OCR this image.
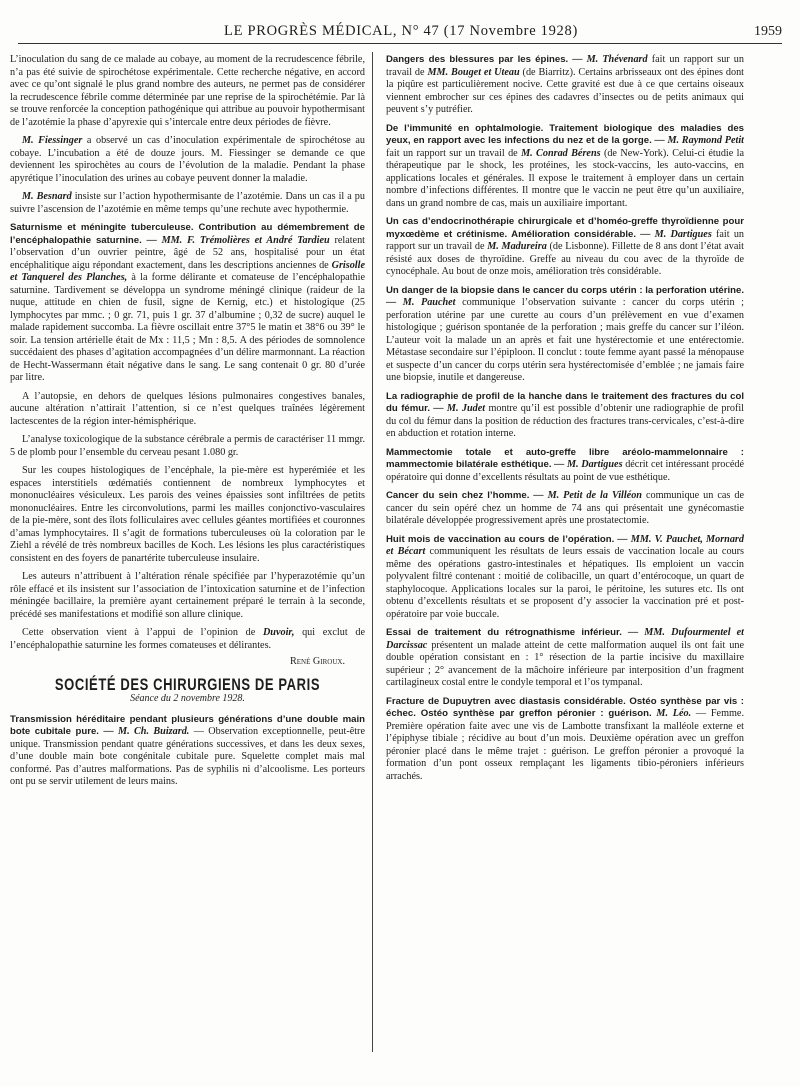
LE PROGRÈS MÉDICAL, N° 47 (17 Novembre 1928)	1959

L’inoculation du sang de ce malade au cobaye, au moment de la recrudescence fébrile, n’a pas été suivie de spirochétose expérimentale. Cette recherche négative, en accord avec ce qu’ont signalé le plus grand nombre des auteurs, ne permet pas de considérer la recrudescence fébrile comme déterminée par une reprise de la spirochétémie. Par là se trouve renforcée la conception pathogénique qui attribue au pouvoir hypothermisant de l’azotémie la phase d’apyrexie qui s’intercale entre deux périodes de fièvre.

M. Fiessinger a observé un cas d’inoculation expérimentale de spirochétose au cobaye. L’incubation a été de douze jours. M. Fiessinger se demande ce que deviennent les spirochètes au cours de l’évolution de la maladie. Pendant la phase apyrétique l’inoculation des urines au cobaye peuvent donner la maladie.

M. Besnard insiste sur l’action hypothermisante de l’azotémie. Dans un cas il a pu suivre l’ascension de l’azotémie en même temps qu’une rechute avec hypothermie.

Saturnisme et méningite tuberculeuse. Contribution au démembrement de l’encéphalopathie saturnine. — MM. F. Trémolières et André Tardieu relatent l’observation d’un ouvrier peintre, âgé de 52 ans, hospitalisé pour un état encéphalitique aigu répondant exactement, dans les descriptions anciennes de Grisolle et Tanquerel des Planches, à la forme délirante et comateuse de l’encéphalopathie saturnine. Tardivement se développa un syndrome méningé clinique (raideur de la nuque, attitude en chien de fusil, signe de Kernig, etc.) et histologique (25 lymphocytes par mmc. ; 0 gr. 71, puis 1 gr. 37 d’albumine ; 0,32 de sucre) auquel le malade rapidement succomba. La fièvre oscillait entre 37°5 le matin et 38°6 ou 39° le soir. La tension artérielle était de Mx : 11,5 ; Mn : 8,5. A des périodes de somnolence succédaient des phases d’agitation accompagnées d’un délire marmonnant. La réaction de Hecht-Wassermann était négative dans le sang. Le sang contenait 0 gr. 80 d’urée par litre.

A l’autopsie, en dehors de quelques lésions pulmonaires congestives banales, aucune altération n’attirait l’attention, si ce n’est quelques traînées légèrement lactescentes de la région inter-hémisphérique.

L’analyse toxicologique de la substance cérébrale a permis de caractériser 11 mmgr. 5 de plomb pour l’ensemble du cerveau pesant 1.080 gr.

Sur les coupes histologiques de l’encéphale, la pie-mère est hyperémiée et les espaces interstitiels œdématiés contiennent de nombreux lymphocytes et mononucléaires vésiculeux. Les parois des veines épaissies sont infiltrées de petits mononucléaires. Entre les circonvolutions, parmi les mailles conjonctivo-vasculaires de la pie-mère, sont des îlots folliculaires avec cellules géantes mortifiées et couronnes d’amas lymphocytaires. Il s’agit de formations tuberculeuses où la coloration par le Ziehl a révélé de très nombreux bacilles de Koch. Les lésions les plus caractéristiques consistent en des foyers de panartérite tuberculeuse insulaire.

Les auteurs n’attribuent à l’altération rénale spécifiée par l’hyperazotémie qu’un rôle effacé et ils insistent sur l’association de l’intoxication saturnine et de l’infection méningée bacillaire, la première ayant certainement préparé le terrain à la seconde, précédé ses manifestations et modifié son allure clinique.

Cette observation vient à l’appui de l’opinion de Duvoir, qui exclut de l’encéphalopathie saturnine les formes comateuses et délirantes.

René Giroux.
SOCIÉTÉ DES CHIRURGIENS DE PARIS
Séance du 2 novembre 1928.

Transmission héréditaire pendant plusieurs générations d’une double main bote cubitale pure. — M. Ch. Buizard. — Observation exceptionnelle, peut-être unique. Transmission pendant quatre générations successives, et dans les deux sexes, d’une double main bote congénitale cubitale pure. Squelette complet mais mal conformé. Pas d’autres malformations. Pas de syphilis ni d’alcoolisme. Les porteurs ont pu se servir utilement de leurs mains.

Dangers des blessures par les épines. — M. Thévenard fait un rapport sur un travail de MM. Bouget et Uteau (de Biarritz). Certains arbrisseaux ont des épines dont la piqûre est particulièrement nocive. Cette gravité est due à ce que certains oiseaux viennent embrocher sur ces épines des cadavres d’insectes ou de petits animaux qui peuvent s’y putréfier.

De l’immunité en ophtalmologie. Traitement biologique des maladies des yeux, en rapport avec les infections du nez et de la gorge. — M. Raymond Petit fait un rapport sur un travail de M. Conrad Bérens (de New-York). Celui-ci étudie la thérapeutique par le shock, les protéines, les stock-vaccins, les auto-vaccins, en applications locales et générales. Il expose le traitement à employer dans un certain nombre d’infections différentes. Il montre que le vaccin ne peut être qu’un auxiliaire, dans un grand nombre de cas, mais un auxiliaire important.

Un cas d’endocrinothérapie chirurgicale et d’homéo-greffe thyroïdienne pour myxœdème et crétinisme. Amélioration considérable. — M. Dartigues fait un rapport sur un travail de M. Madureira (de Lisbonne). Fillette de 8 ans dont l’état avait résisté aux doses de thyroïdine. Greffe au niveau du cou avec de la thyroïde de cynocéphale. Au bout de onze mois, amélioration très considérable.

Un danger de la biopsie dans le cancer du corps utérin : la perforation utérine. — M. Pauchet communique l’observation suivante : cancer du corps utérin ; perforation utérine par une curette au cours d’un prélèvement en vue d’examen histologique ; guérison spontanée de la perforation ; mais greffe du cancer sur l’iléon. L’auteur voit la malade un an après et fait une hystérectomie et une entérectomie. Métastase secondaire sur l’épiploon. Il conclut : toute femme ayant passé la ménopause et suspecte d’un cancer du corps utérin sera hystérectomisée d’emblée ; ne jamais faire une biopsie, inutile et dangereuse.

La radiographie de profil de la hanche dans le traitement des fractures du col du fémur. — M. Judet montre qu’il est possible d’obtenir une radiographie de profil du col du fémur dans la position de réduction des fractures trans-cervicales, c’est-à-dire en abduction et rotation interne.

Mammectomie totale et auto-greffe libre aréolo-mammelonnaire : mammectomie bilatérale esthétique. — M. Dartigues décrit cet intéressant procédé opératoire qui donne d’excellents résultats au point de vue esthétique.

Cancer du sein chez l’homme. — M. Petit de la Villéon communique un cas de cancer du sein opéré chez un homme de 74 ans qui présentait une gynécomastie bilatérale développée progressivement après une prostatectomie.

Huit mois de vaccination au cours de l’opération. — MM. V. Pauchet, Mornard et Bécart communiquent les résultats de leurs essais de vaccination locale au cours même des opérations gastro-intestinales et hépatiques. Ils emploient un vaccin polyvalent filtré contenant : moitié de colibacille, un quart d’entérocoque, un quart de staphylocoque. Applications locales sur la paroi, le péritoine, les sutures etc. Ils ont obtenu d’excellents résultats et se proposent d’y associer la vaccination pré et post-opératoire par voie buccale.

Essai de traitement du rétrognathisme inférieur. — MM. Dufourmentel et Darcissac présentent un malade atteint de cette malformation auquel ils ont fait une double opération consistant en : 1° résection de la partie incisive du maxillaire supérieur ; 2° avancement de la mâchoire inférieure par interposition d’un fragment cartilagineux costal entre le condyle temporal et l’os tympanal.

Fracture de Dupuytren avec diastasis considérable. Ostéo synthèse par vis : échec. Ostéo synthèse par greffon péronier : guérison. M. Léo. — Femme. Première opération faite avec une vis de Lambotte transfixant la malléole externe et l’épiphyse tibiale ; récidive au bout d’un mois. Deuxième opération avec un greffon péronier placé dans le même trajet : guérison. Le greffon péronier a provoqué la formation d’un pont osseux remplaçant les ligaments tibio-péroniers inférieurs arrachés.
